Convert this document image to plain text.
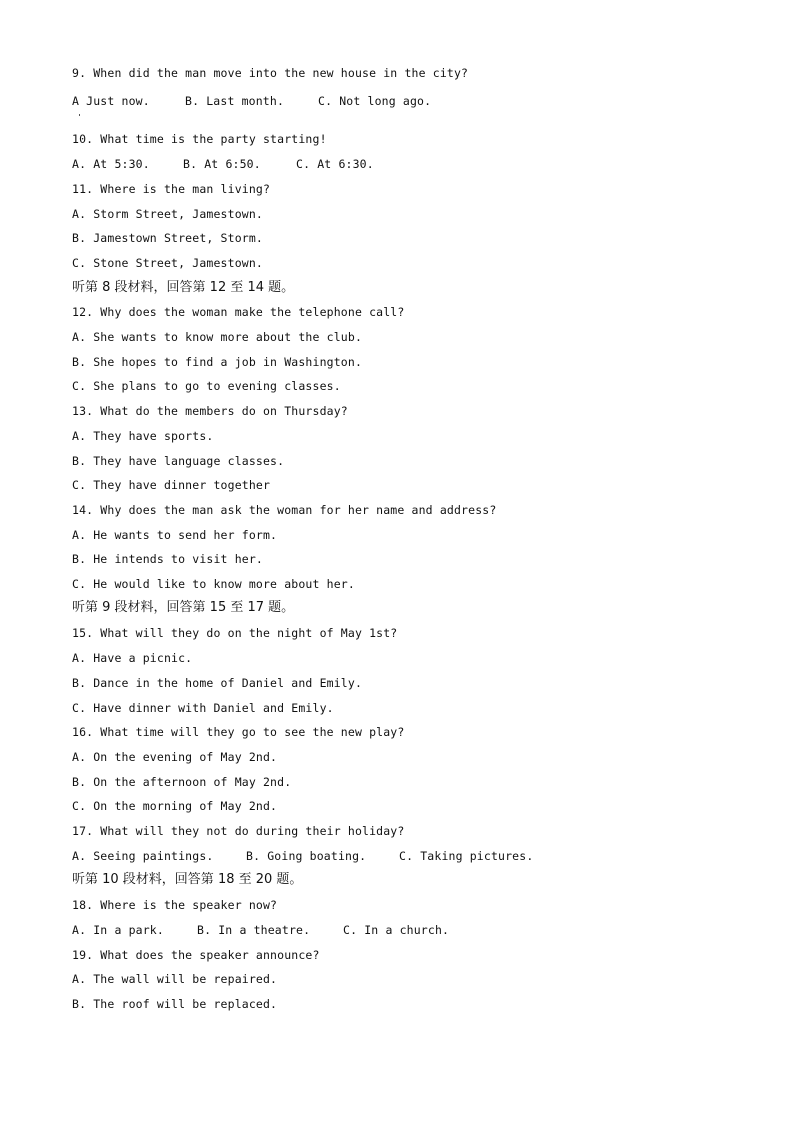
9. When did the man move into the new house in the city?

A Just now.

	B. Last month.

	C. Not long ago.

10. What time is the party starting!

A. At 5:30.

	B. At 6:50.

	C. At 6:30.

11. Where is the man living?
A. Storm Street, Jamestown.
B. Jamestown Street, Storm.
C. Stone Street, Jamestown.
听第 8 段材料，回答第 12 至 14 题。
12. Why does the woman make the telephone call?
A. She wants to know more about the club.
B. She hopes to find a job in Washington.
C. She plans to go to evening classes.
13. What do the members do on Thursday?
A. They have sports.
B. They have language classes.
C. They have dinner together
14. Why does the man ask the woman for her name and address?
A. He wants to send her form.
B. He intends to visit her.
C. He would like to know more about her.
听第 9 段材料，回答第 15 至 17 题。
15. What will they do on the night of May 1st?
A. Have a picnic.
B. Dance in the home of Daniel and Emily.
C. Have dinner with Daniel and Emily.
16. What time will they go to see the new play?
A. On the evening of May 2nd.
B. On the afternoon of May 2nd.
C. On the morning of May 2nd.
17. What will they not do during their holiday?

A. Seeing paintings.

	B. Going boating.

	C. Taking pictures.

听第 10 段材料，回答第 18 至 20 题。
18. Where is the speaker now?

A. In a park.

	B. In a theatre.

	C. In a church.

19. What does the speaker announce?
A. The wall will be repaired.
B. The roof will be replaced.
